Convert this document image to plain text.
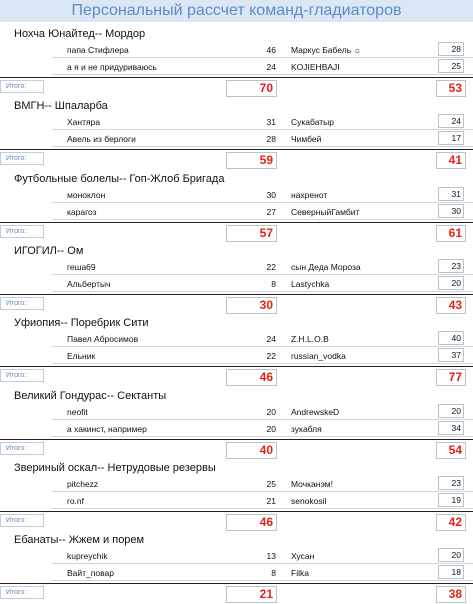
Персональный рассчет команд-гладиаторов
Нохча Юнайтед-- Мордор
папа Стифлера	46 Маркус Бабель ☼	28
а я и не придуриваюсь	24 KOJIEHBAJI	25
Итого:	70	53
ВМГН-- Шпаларба
Хантяра	31 Сукабатыр	24
Авель из берлоги	28 Чимбей	17
Итого:	59	41
Футбольные болелы-- Гоп-Жлоб Бригада
моноклон	30 нахренот	31
карагоз	27 СеверныйГамбит	30
Итого:	57	61
ИГОГИЛ-- Ом
гешa69	22 сын Деда Мороза	23
Альбертыч	8 Lastychka	20
Итого:	30	43
Уфиопия-- Поребрик Сити
Павел Абросимов	24 Z.H.L.O.B	40
Ельник	22 russian_vodka	37
Итого:	46	77
Великий Гондурас-- Сектанты
neofit	20 AndrewskeD	20
а хакинст, например	20 зукабля	34
Итого:	40	54
Звериный оскал-- Нетрудовые резервы
pitchezz	25 Мочканэм!	23
ro.nf	21 senokosil	19
Итого:	46	42
Ебанаты-- Жжем и порем
kupreychik	13 Хусан	20
Вайт_повар	8 Filka	18
Итого:	21	38
